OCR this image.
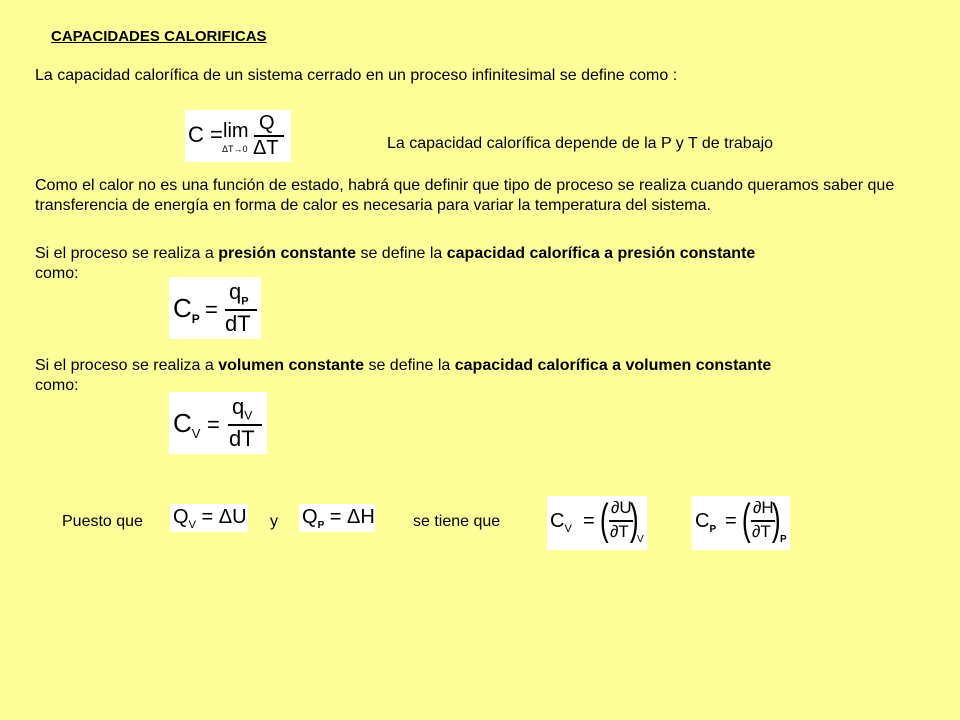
CAPACIDADES CALORIFICAS
La capacidad calorífica de un sistema cerrado en un proceso infinitesimal se define como :
C = lim
ΔT→0
Q
ΔT	La capacidad calorífica depende de la P y T de trabajo
Como el calor no es una función de estado, habrá que definir que tipo de proceso se realiza cuando queramos saber que transferencia de energía en forma de calor es necesaria para variar la temperatura del sistema.
Si el proceso se realiza a presión constante se define la capacidad calorífica a presión constante
como:
$C_P$ =
$q_P$
dT
Si el proceso se realiza a volumen constante se define la capacidad calorífica a volumen constante
como:
$C_V$ =
$q_V$
dT
Puesto que $Q_V = \Delta U$ y $Q_P = \Delta H$ se tiene que $C_V$ = ( ∂U
∂T )
V
$C_P$ = ( ∂H
∂T ) P
